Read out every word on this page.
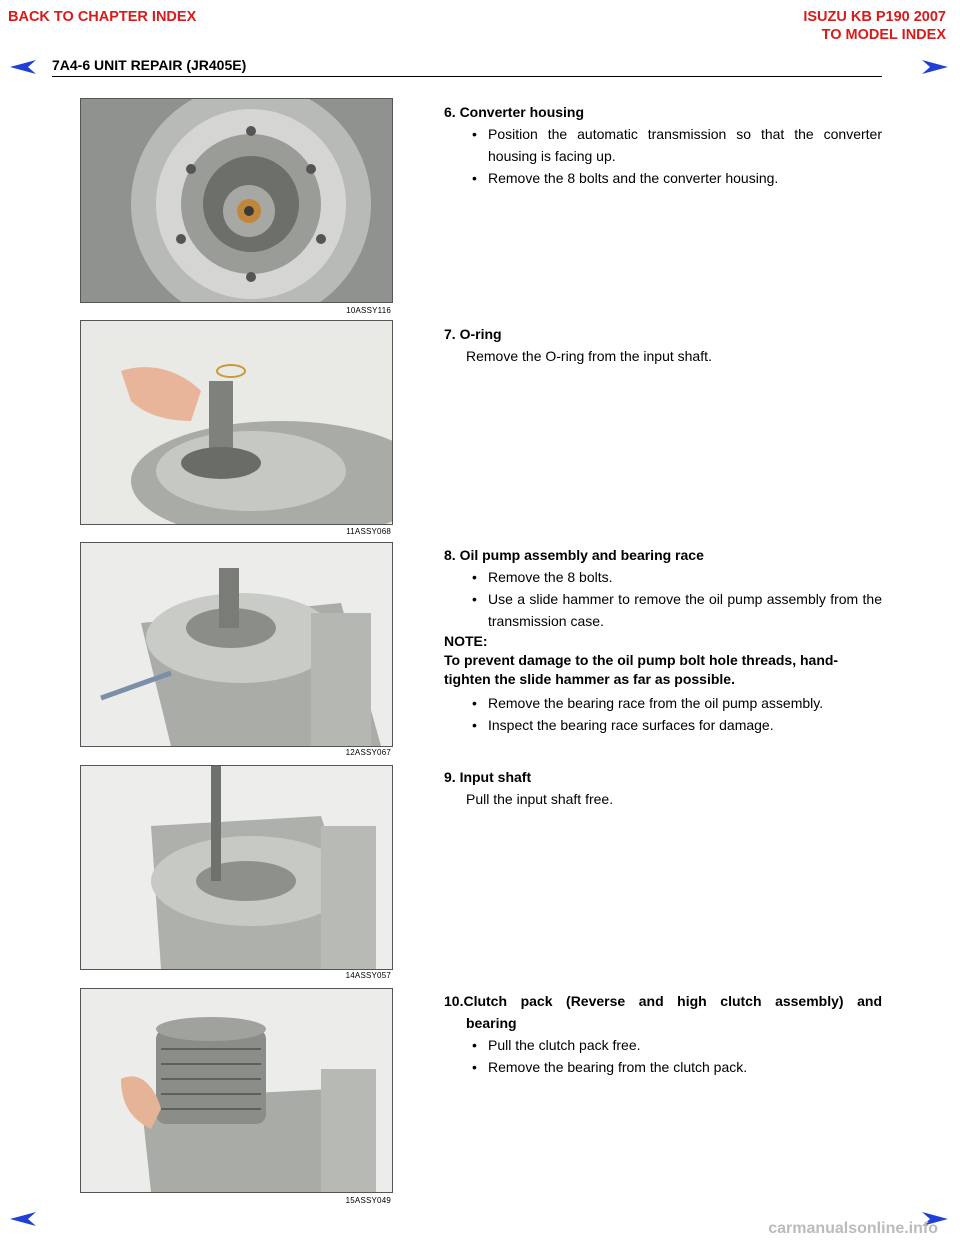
BACK TO CHAPTER INDEX	ISUZU KB P190 2007
TO MODEL INDEX
7A4-6 UNIT REPAIR (JR405E)
10ASSY116
11ASSY068
12ASSY067
14ASSY057
15ASSY049
6. Converter housing
• Position the automatic transmission so that the converter housing is facing up.
• Remove the 8 bolts and the converter housing.
7. O-ring
Remove the O-ring from the input shaft.
8. Oil pump assembly and bearing race
• Remove the 8 bolts.
• Use a slide hammer to remove the oil pump assembly from the transmission case.
NOTE:
To prevent damage to the oil pump bolt hole threads, hand-tighten the slide hammer as far as possible.
• Remove the bearing race from the oil pump assembly.
• Inspect the bearing race surfaces for damage.
9. Input shaft
Pull the input shaft free.
10.Clutch pack (Reverse and high clutch assembly) and
bearing
• Pull the clutch pack free.
• Remove the bearing from the clutch pack.
carmanualsonline.info
